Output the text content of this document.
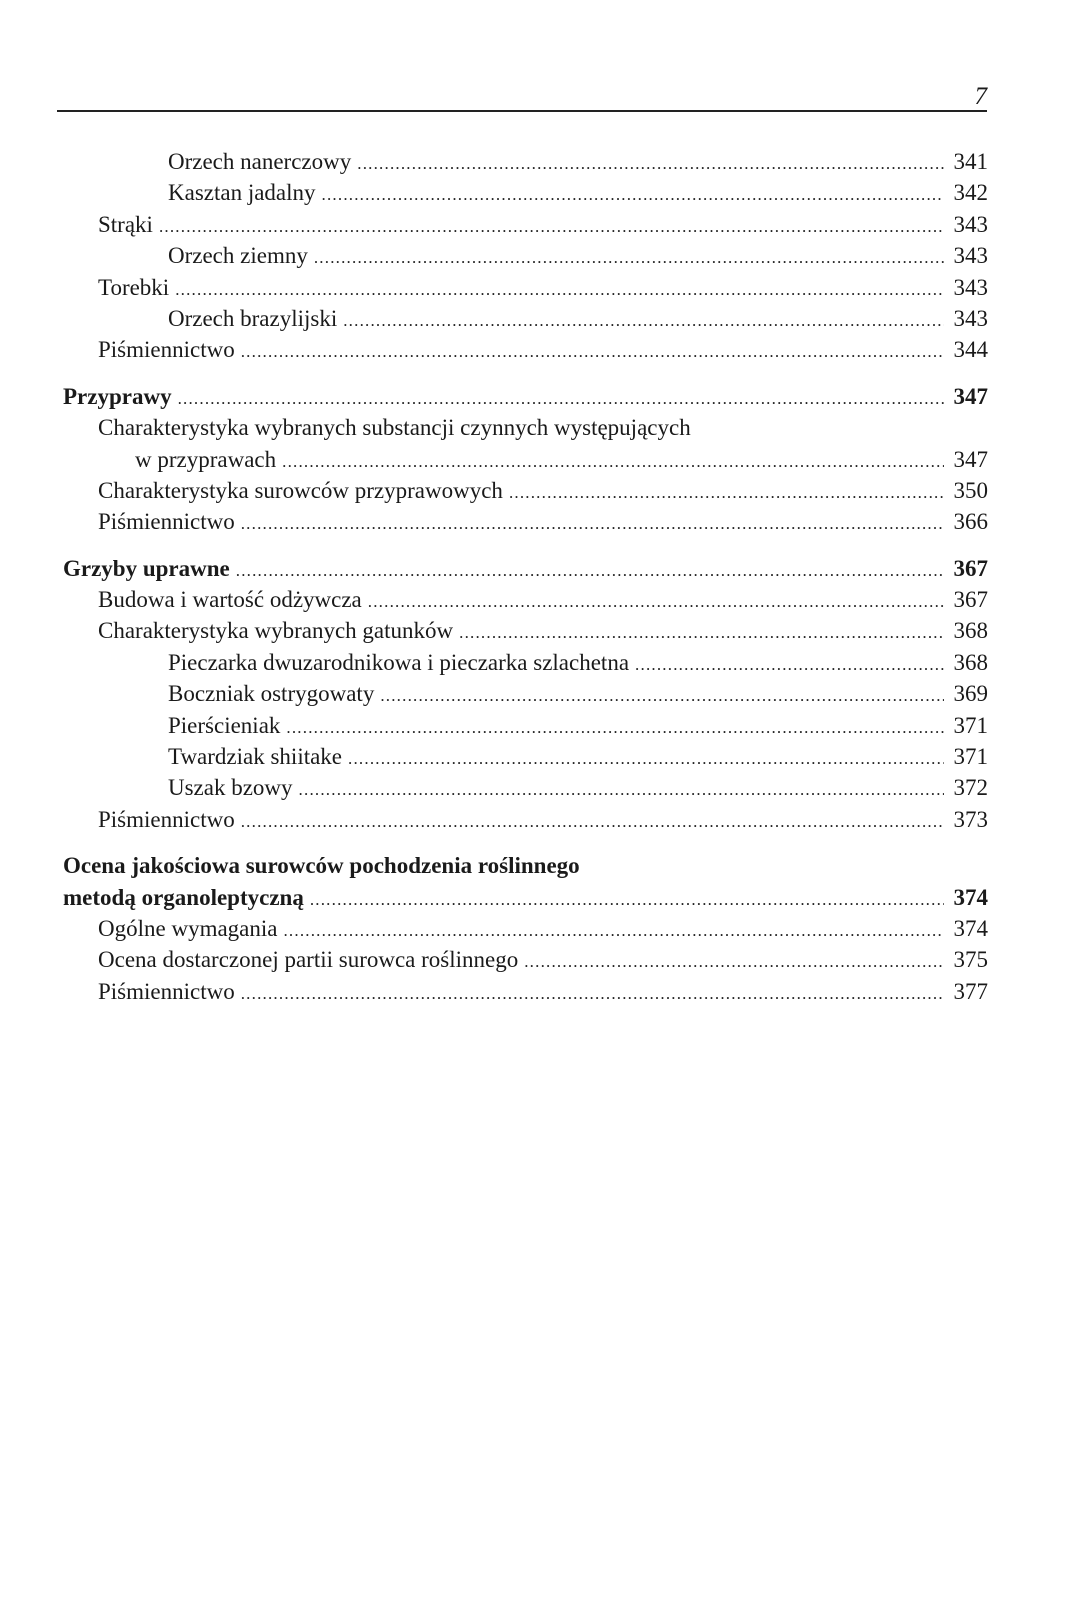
7
Orzech nanerczowy .....	341
Kasztan jadalny .....	342
Strąki .....	343
Orzech ziemny .....	343
Torebki .....	343
Orzech brazylijski .....	343
Piśmiennictwo .....	344
Przyprawy .....	347
Charakterystyka wybranych substancji czynnych występujących
w przyprawach .....	347
Charakterystyka surowców przyprawowych .....	350
Piśmiennictwo .....	366
Grzyby uprawne .....	367
Budowa i wartość odżywcza .....	367
Charakterystyka wybranych gatunków .....	368
Pieczarka dwuzarodnikowa i pieczarka szlachetna .....	368
Boczniak ostrygowaty .....	369
Pierścieniak .....	371
Twardziak shiitake .....	371
Uszak bzowy .....	372
Piśmiennictwo .....	373
Ocena jakościowa surowców pochodzenia roślinnego
metodą organoleptyczną .....	374
Ogólne wymagania .....	374
Ocena dostarczonej partii surowca roślinnego .....	375
Piśmiennictwo .....	377
